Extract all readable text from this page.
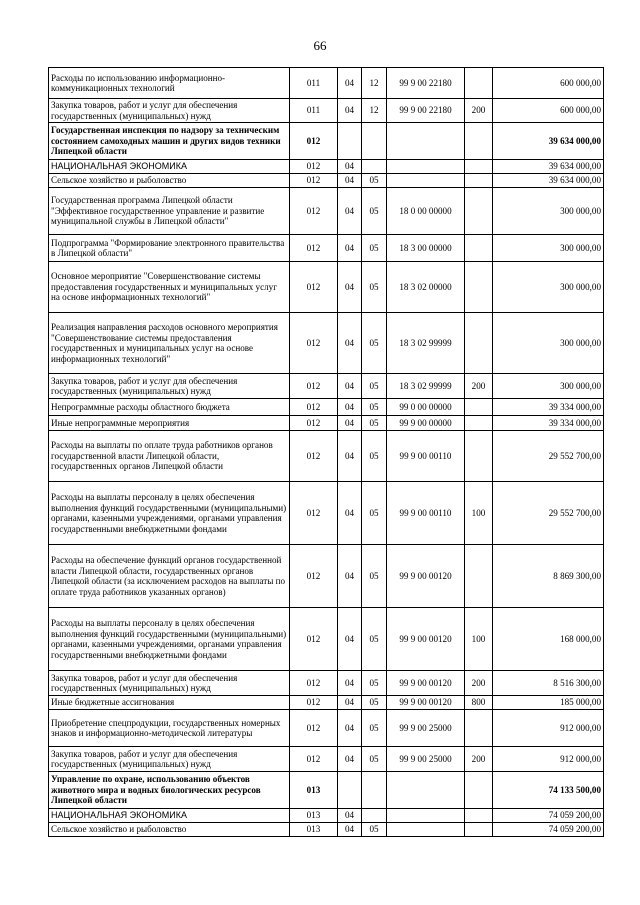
66
Расходы по использованию информационно-коммуникационных технологий	011	04	12	99 9 00 22180		600 000,00
Закупка товаров, работ и услуг для обеспечения государственных (муниципальных) нужд	011	04	12	99 9 00 22180	200	600 000,00
Государственная инспекция по надзору за техническим состоянием самоходных машин и других видов техники Липецкой области	012					39 634 000,00
НАЦИОНАЛЬНАЯ ЭКОНОМИКА	012	04				39 634 000,00
Сельское хозяйство и рыболовство	012	04	05			39 634 000,00
Государственная программа Липецкой области "Эффективное государственное управление и развитие муниципальной службы в Липецкой области"	012	04	05	18 0 00 00000		300 000,00
Подпрограмма "Формирование электронного правительства в Липецкой области"	012	04	05	18 3 00 00000		300 000,00
Основное мероприятие "Совершенствование системы предоставления государственных и муниципальных услуг на основе информационных технологий"	012	04	05	18 3 02 00000		300 000,00
Реализация направления расходов основного мероприятия "Совершенствование системы предоставления государственных и муниципальных услуг на основе информационных технологий"	012	04	05	18 3 02 99999		300 000,00
Закупка товаров, работ и услуг для обеспечения государственных (муниципальных) нужд	012	04	05	18 3 02 99999	200	300 000,00
Непрограммные расходы областного бюджета	012	04	05	99 0 00 00000		39 334 000,00
Иные непрограммные мероприятия	012	04	05	99 9 00 00000		39 334 000,00
Расходы на выплаты по оплате труда работников органов государственной власти Липецкой области, государственных органов Липецкой области	012	04	05	99 9 00 00110		29 552 700,00
Расходы на выплаты персоналу в целях обеспечения выполнения функций государственными (муниципальными) органами, казенными учреждениями, органами управления государственными внебюджетными фондами	012	04	05	99 9 00 00110	100	29 552 700,00
Расходы на обеспечение функций органов государственной власти Липецкой области, государственных органов Липецкой области (за исключением расходов на выплаты по оплате труда работников указанных органов)	012	04	05	99 9 00 00120		8 869 300,00
Расходы на выплаты персоналу в целях обеспечения выполнения функций государственными (муниципальными) органами, казенными учреждениями, органами управления государственными внебюджетными фондами	012	04	05	99 9 00 00120	100	168 000,00
Закупка товаров, работ и услуг для обеспечения государственных (муниципальных) нужд	012	04	05	99 9 00 00120	200	8 516 300,00
Иные бюджетные ассигнования	012	04	05	99 9 00 00120	800	185 000,00
Приобретение спецпродукции, государственных номерных знаков и информационно-методической литературы	012	04	05	99 9 00 25000		912 000,00
Закупка товаров, работ и услуг для обеспечения государственных (муниципальных) нужд	012	04	05	99 9 00 25000	200	912 000,00
Управление по охране, использованию объектов животного мира и водных биологических ресурсов Липецкой области	013					74 133 500,00
НАЦИОНАЛЬНАЯ ЭКОНОМИКА	013	04				74 059 200,00
Сельское хозяйство и рыболовство	013	04	05			74 059 200,00
